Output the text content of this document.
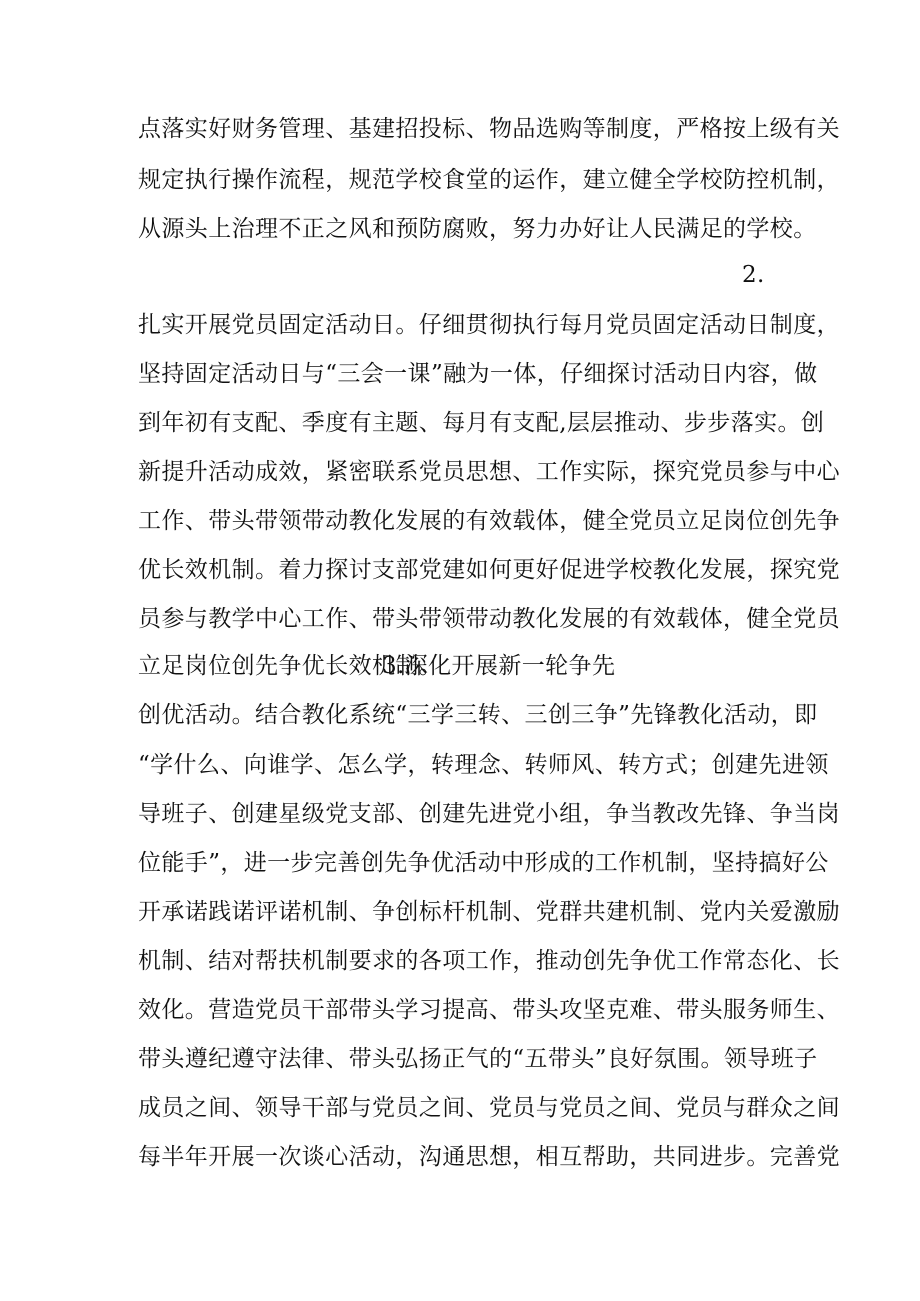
点落实好财务管理、基建招投标、物品选购等制度，严格按上级有关
规定执行操作流程，规范学校食堂的运作，建立健全学校防控机制，
从源头上治理不正之风和预防腐败，努力办好让人民满足的学校。
2.
扎实开展党员固定活动日。仔细贯彻执行每月党员固定活动日制度，
坚持固定活动日与“三会一课”融为一体，仔细探讨活动日内容，做
到年初有支配、季度有主题、每月有支配,层层推动、步步落实。创
新提升活动成效，紧密联系党员思想、工作实际，探究党员参与中心
工作、带头带领带动教化发展的有效载体，健全党员立足岗位创先争
优长效机制。着力探讨支部党建如何更好促进学校教化发展，探究党
员参与教学中心工作、带头带领带动教化发展的有效载体，健全党员
立足岗位创先争优长效机制。
3.深化开展新一轮争先
创优活动。结合教化系统“三学三转、三创三争”先锋教化活动，即
“学什么、向谁学、怎么学，转理念、转师风、转方式；创建先进领
导班子、创建星级党支部、创建先进党小组，争当教改先锋、争当岗
位能手”，进一步完善创先争优活动中形成的工作机制，坚持搞好公
开承诺践诺评诺机制、争创标杆机制、党群共建机制、党内关爱激励
机制、结对帮扶机制要求的各项工作，推动创先争优工作常态化、长
效化。营造党员干部带头学习提高、带头攻坚克难、带头服务师生、
带头遵纪遵守法律、带头弘扬正气的“五带头”良好氛围。领导班子
成员之间、领导干部与党员之间、党员与党员之间、党员与群众之间
每半年开展一次谈心活动，沟通思想，相互帮助，共同进步。完善党
